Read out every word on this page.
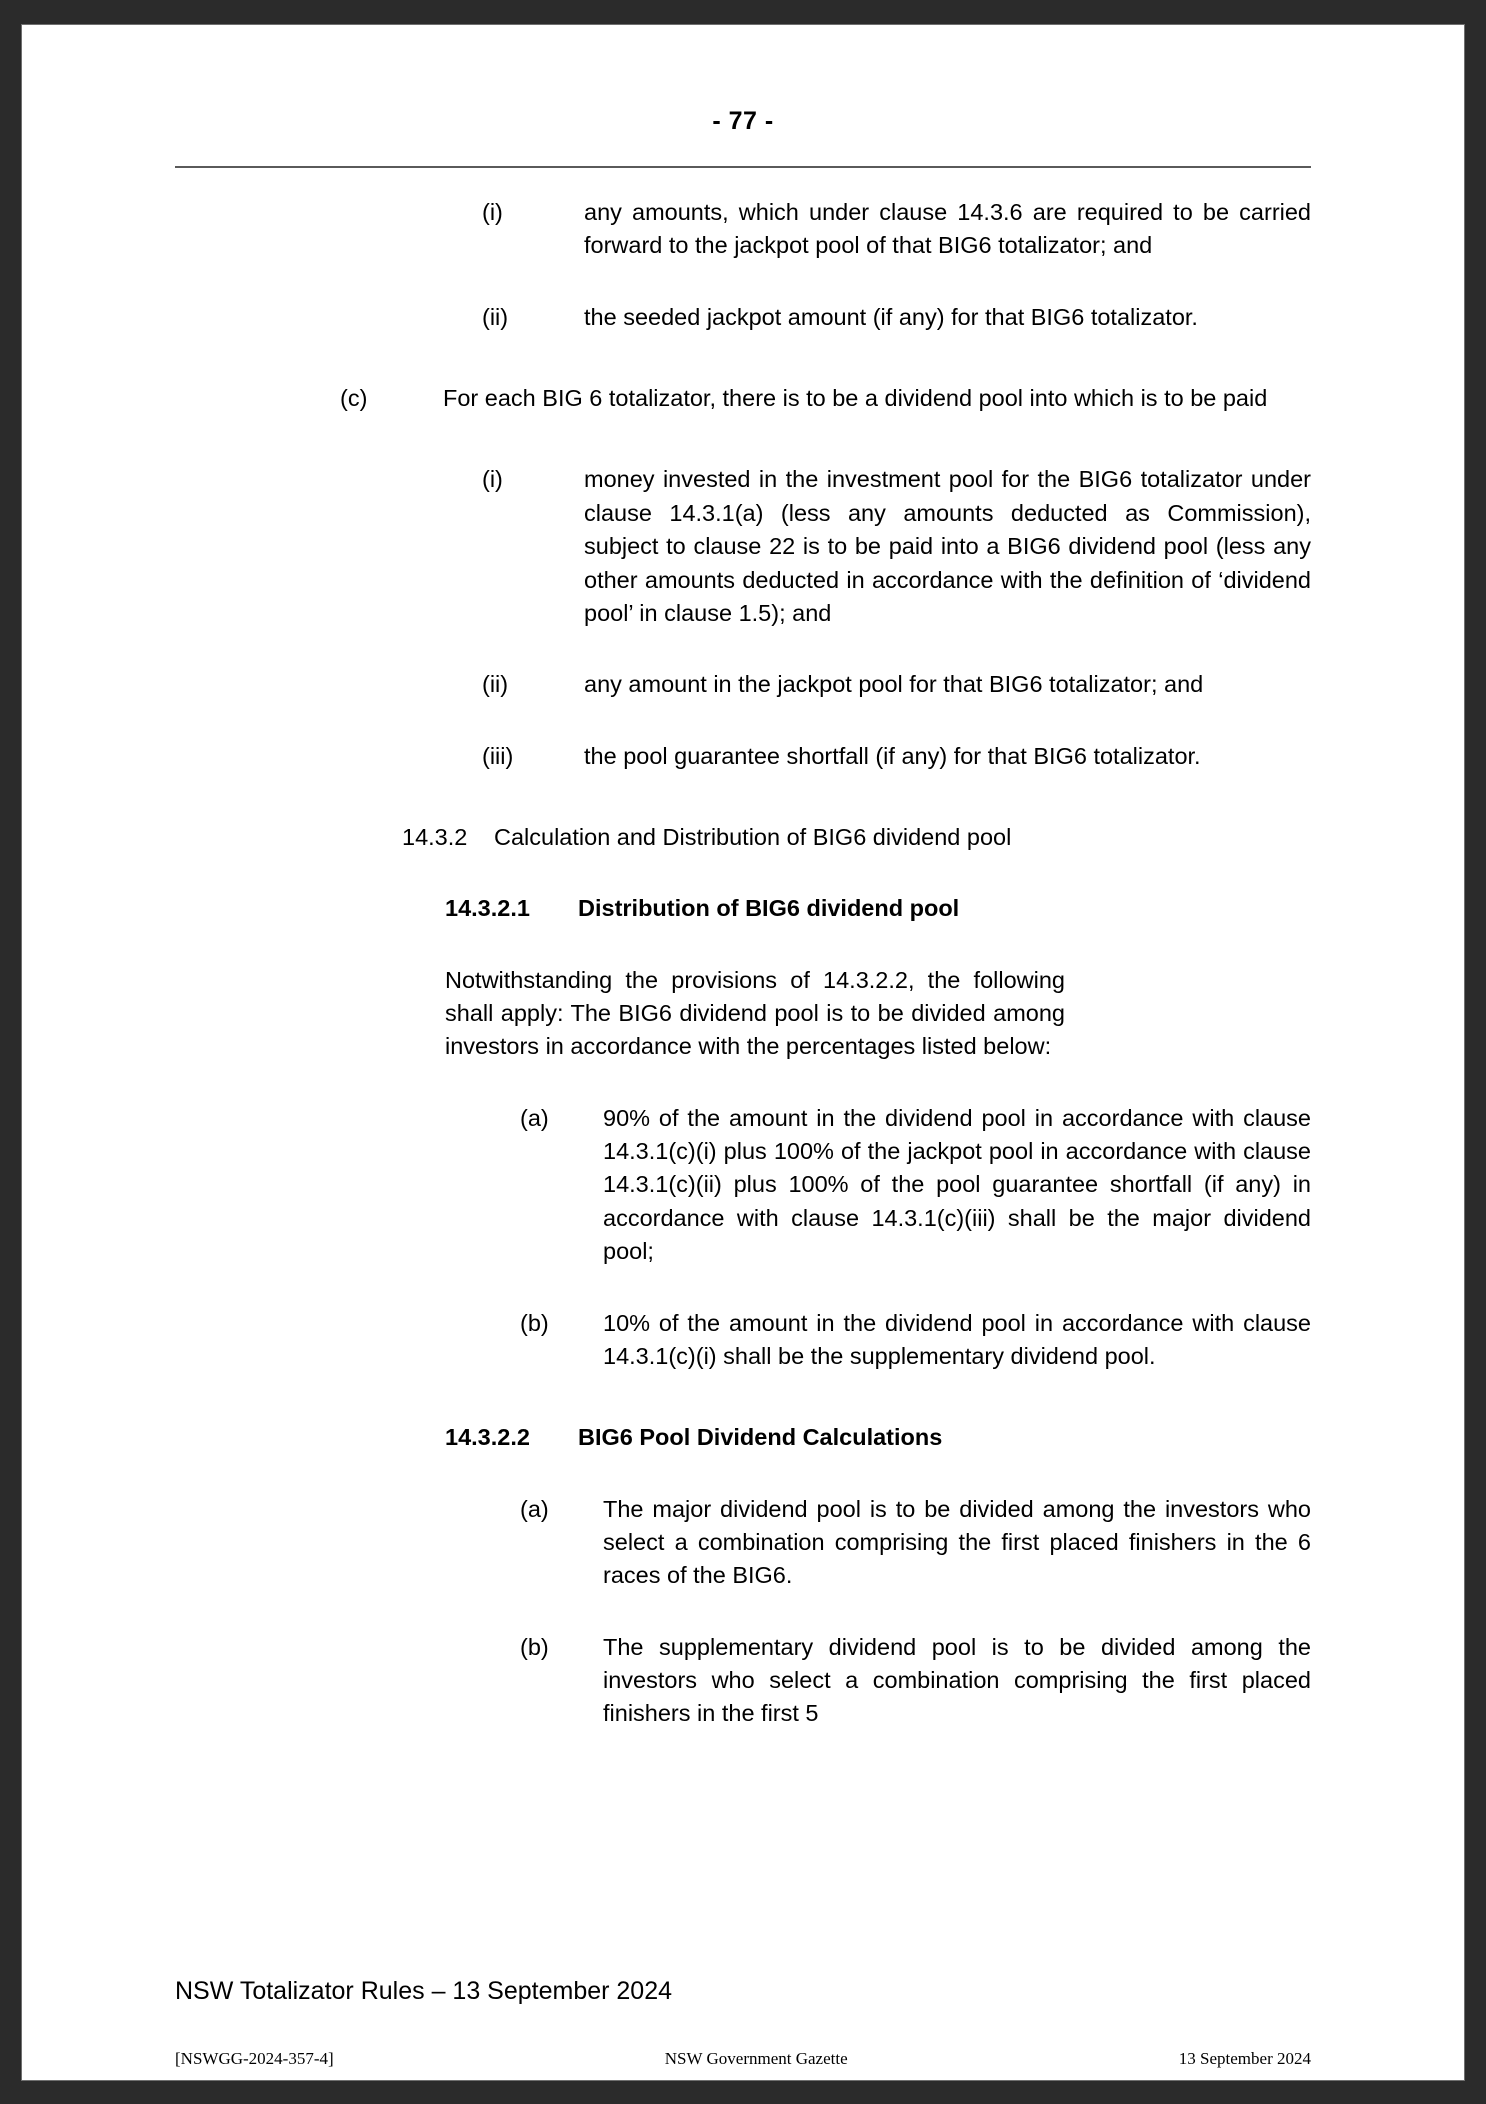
- 77 -
(i)	any amounts, which under clause 14.3.6 are required to be carried forward to the jackpot pool of that BIG6 totalizator; and
(ii)	the seeded jackpot amount (if any) for that BIG6 totalizator.
(c)	For each BIG 6 totalizator, there is to be a dividend pool into which is to be paid
(i)	money invested in the investment pool for the BIG6 totalizator under clause 14.3.1(a) (less any amounts deducted as Commission), subject to clause 22 is to be paid into a BIG6 dividend pool (less any other amounts deducted in accordance with the definition of ‘dividend pool’ in clause 1.5); and
(ii)	any amount in the jackpot pool for that BIG6 totalizator; and
(iii)	the pool guarantee shortfall (if any) for that BIG6 totalizator.
14.3.2	Calculation and Distribution of BIG6 dividend pool
14.3.2.1	Distribution of BIG6 dividend pool
Notwithstanding the provisions of 14.3.2.2, the following shall apply: The BIG6 dividend pool is to be divided among investors in accordance with the percentages listed below:
(a)	90% of the amount in the dividend pool in accordance with clause 14.3.1(c)(i) plus 100% of the jackpot pool in accordance with clause 14.3.1(c)(ii) plus 100% of the pool guarantee shortfall (if any) in accordance with clause 14.3.1(c)(iii) shall be the major dividend pool;
(b)	10% of the amount in the dividend pool in accordance with clause 14.3.1(c)(i) shall be the supplementary dividend pool.
14.3.2.2	BIG6 Pool Dividend Calculations
(a)	The major dividend pool is to be divided among the investors who select a combination comprising the first placed finishers in the 6 races of the BIG6.
(b)	The supplementary dividend pool is to be divided among the investors who select a combination comprising the first placed finishers in the first 5
NSW Totalizator Rules – 13 September 2024
[NSWGG-2024-357-4]	NSW Government Gazette	13 September 2024
